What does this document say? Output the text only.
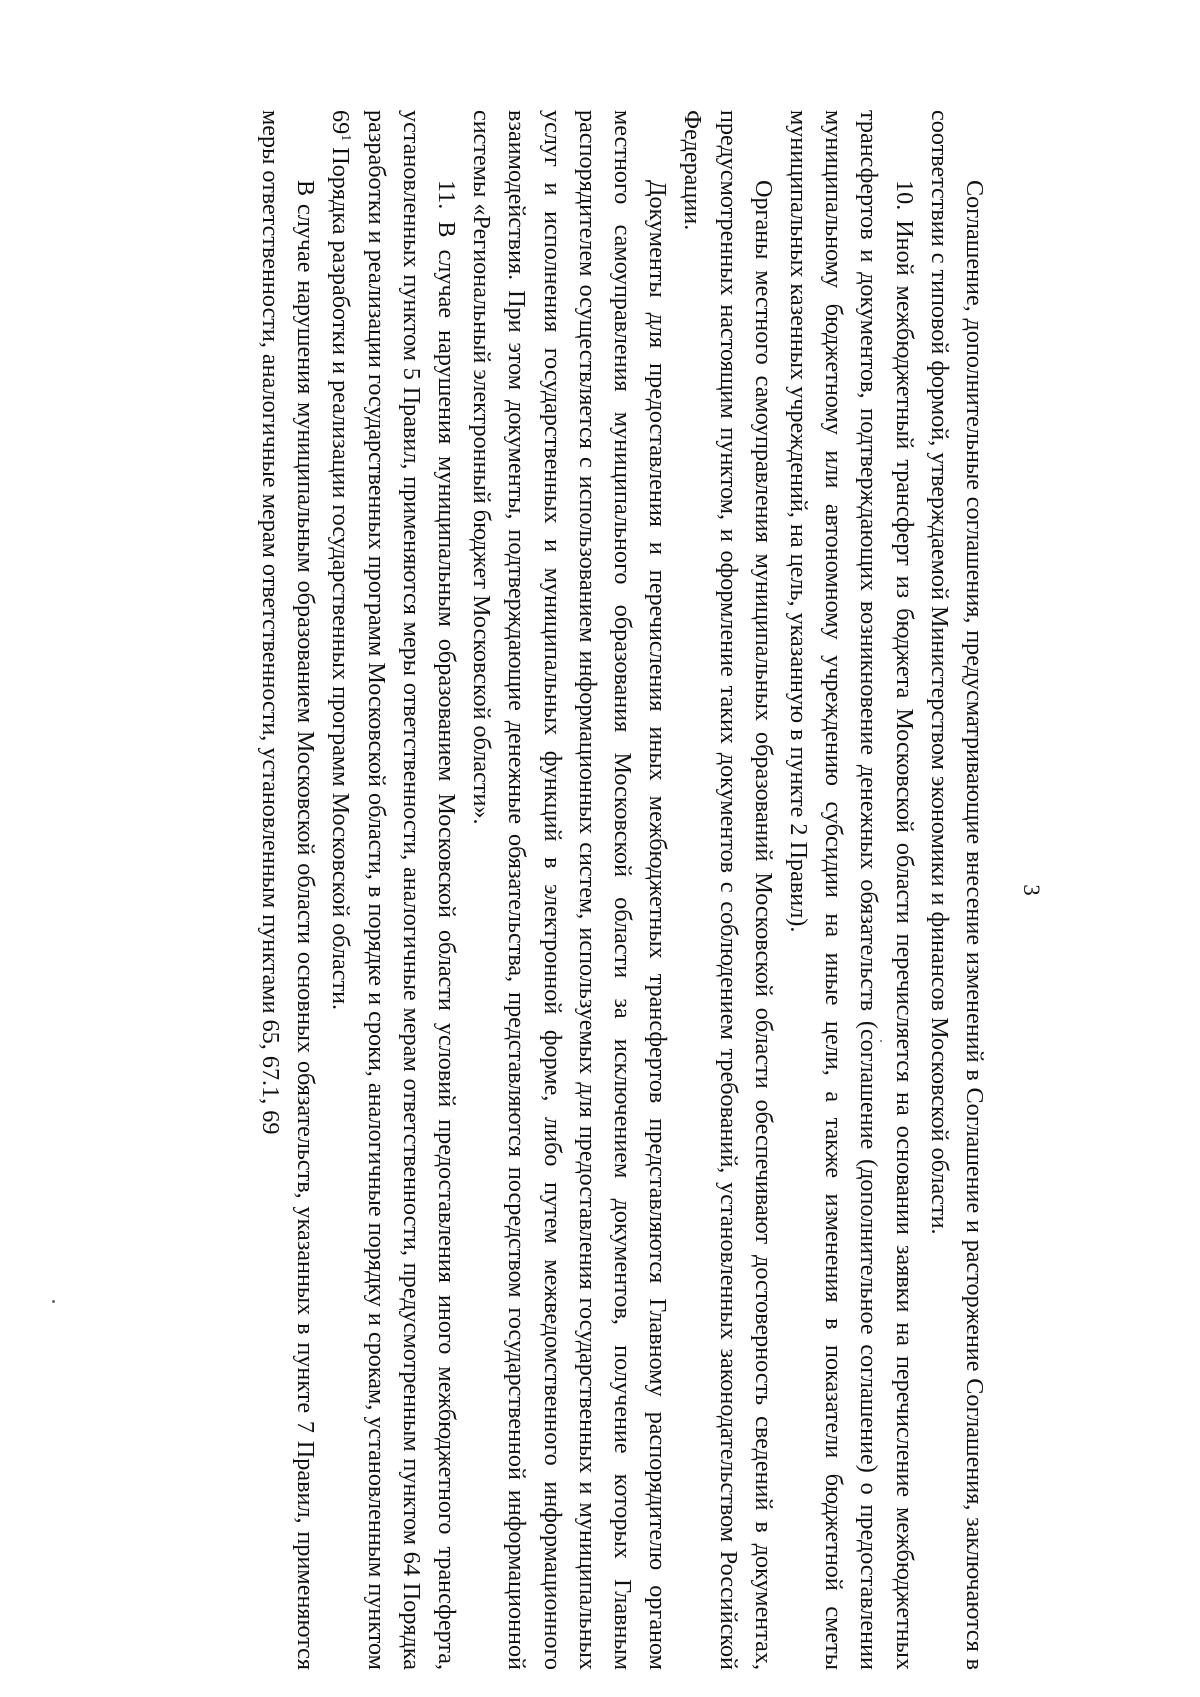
3

Соглашение, дополнительные соглашения, предусматривающие внесение изменений в Соглашение и расторжение Соглашения, заключаются в соответствии с типовой формой, утверждаемой Министерством экономики и финансов Московской области.

10. Иной межбюджетный трансферт из бюджета Московской области перечисляется на основании заявки на перечисление межбюджетных трансфертов и документов, подтверждающих возникновение денежных обязательств (соглашение (дополнительное соглашение) о предоставлении муниципальному бюджетному или автономному учреждению субсидии на иные цели, а также изменения в показатели бюджетной сметы муниципальных казенных учреждений, на цель, указанную в пункте 2 Правил).

Органы местного самоуправления муниципальных образований Московской области обеспечивают достоверность сведений в документах, предусмотренных настоящим пунктом, и оформление таких документов с соблюдением требований, установленных законодательством Российской Федерации.

Документы для предоставления и перечисления иных межбюджетных трансфертов представляются Главному распорядителю органом местного самоуправления муниципального образования Московской области за исключением документов, получение которых Главным распорядителем осуществляется с использованием информационных систем, используемых для предоставления государственных и муниципальных услуг и исполнения государственных и муниципальных функций в электронной форме, либо путем межведомственного информационного взаимодействия. При этом документы, подтверждающие денежные обязательства, представляются посредством государственной информационной системы «Региональный электронный бюджет Московской области».

11. В случае нарушения муниципальным образованием Московской области условий предоставления иного межбюджетного трансферта, установленных пунктом 5 Правил, применяются меры ответственности, аналогичные мерам ответственности, предусмотренным пунктом 64 Порядка разработки и реализации государственных программ Московской области, в порядке и сроки, аналогичные порядку и срокам, установленным пунктом $69^1$ Порядка разработки и реализации государственных программ Московской области.

В случае нарушения муниципальным образованием Московской области основных обязательств, указанных в пункте 7 Правил, применяются меры ответственности, аналогичные мерам ответственности, установленным пунктами 65, 67.1, 69
